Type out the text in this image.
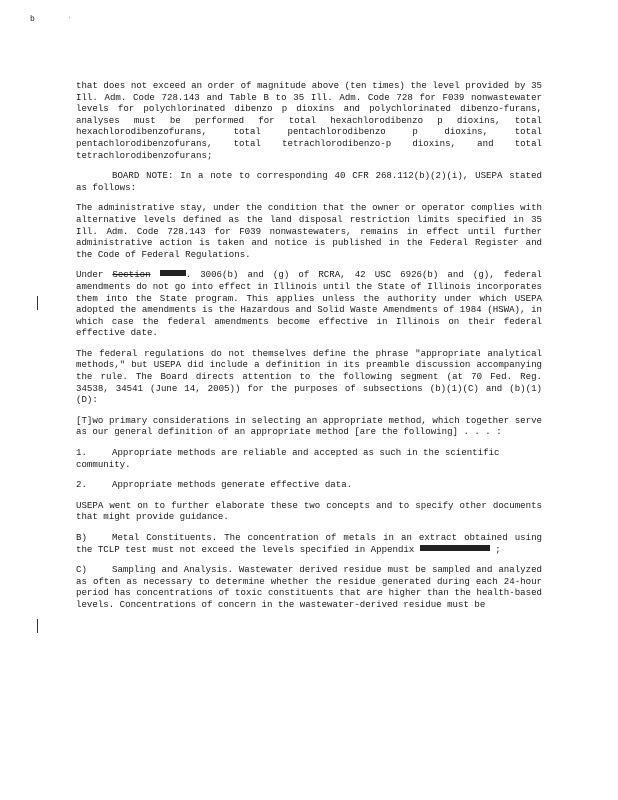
b	'

that does not exceed an order of magnitude above (ten times) the level provided by 35 Ill. Adm. Code 728.143 and Table B to 35 Ill. Adm. Code 728 for F039 nonwastewater levels for polychlorinated dibenzo p dioxins and polychlorinated dibenzo-furans, analyses must be performed for total hexachlorodibenzo p dioxins, total hexachlorodibenzofurans, total pentachlorodibenzo p dioxins, total pentachlorodibenzofurans, total tetrachlorodibenzo-p dioxins, and total tetrachlorodibenzofurans;

BOARD NOTE: In a note to corresponding 40 CFR 268.112(b)(2)(i), USEPA stated as follows:

The administrative stay, under the condition that the owner or operator complies with alternative levels defined as the land disposal restriction limits specified in 35 Ill. Adm. Code 728.143 for F039 nonwastewaters, remains in effect until further administrative action is taken and notice is published in the Federal Register and the Code of Federal Regulations.

Under Section	. 3006(b) and (g) of RCRA, 42 USC 6926(b) and (g), federal amendments do not go into effect in Illinois until the State of Illinois incorporates them into the State program. This applies unless the authority under which USEPA adopted the amendments is the Hazardous and Solid Waste Amendments of 1984 (HSWA), in which case the federal amendments become effective in Illinois on their federal effective date.

The federal regulations do not themselves define the phrase "appropriate analytical methods," but USEPA did include a definition in its preamble discussion accompanying the rule. The Board directs attention to the following segment (at 70 Fed. Reg. 34538, 34541 (June 14, 2005)) for the purposes of subsections (b)(1)(C) and (b)(1)(D):

[T]wo primary considerations in selecting an appropriate method, which together serve as our general definition of an appropriate method [are the following] . . . :

1.	Appropriate methods are reliable and accepted as such in the scientific community.
2.	Appropriate methods generate effective data.

USEPA went on to further elaborate these two concepts and to specify other documents that might provide guidance.

B)	Metal Constituents. The concentration of metals in an extract obtained using the TCLP test must not exceed the levels specified in Appendix	;

C)	Sampling and Analysis. Wastewater derived residue must be sampled and analyzed as often as necessary to determine whether the residue generated during each 24-hour period has concentrations of toxic constituents that are higher than the health-based levels. Concentrations of concern in the wastewater-derived residue must be
